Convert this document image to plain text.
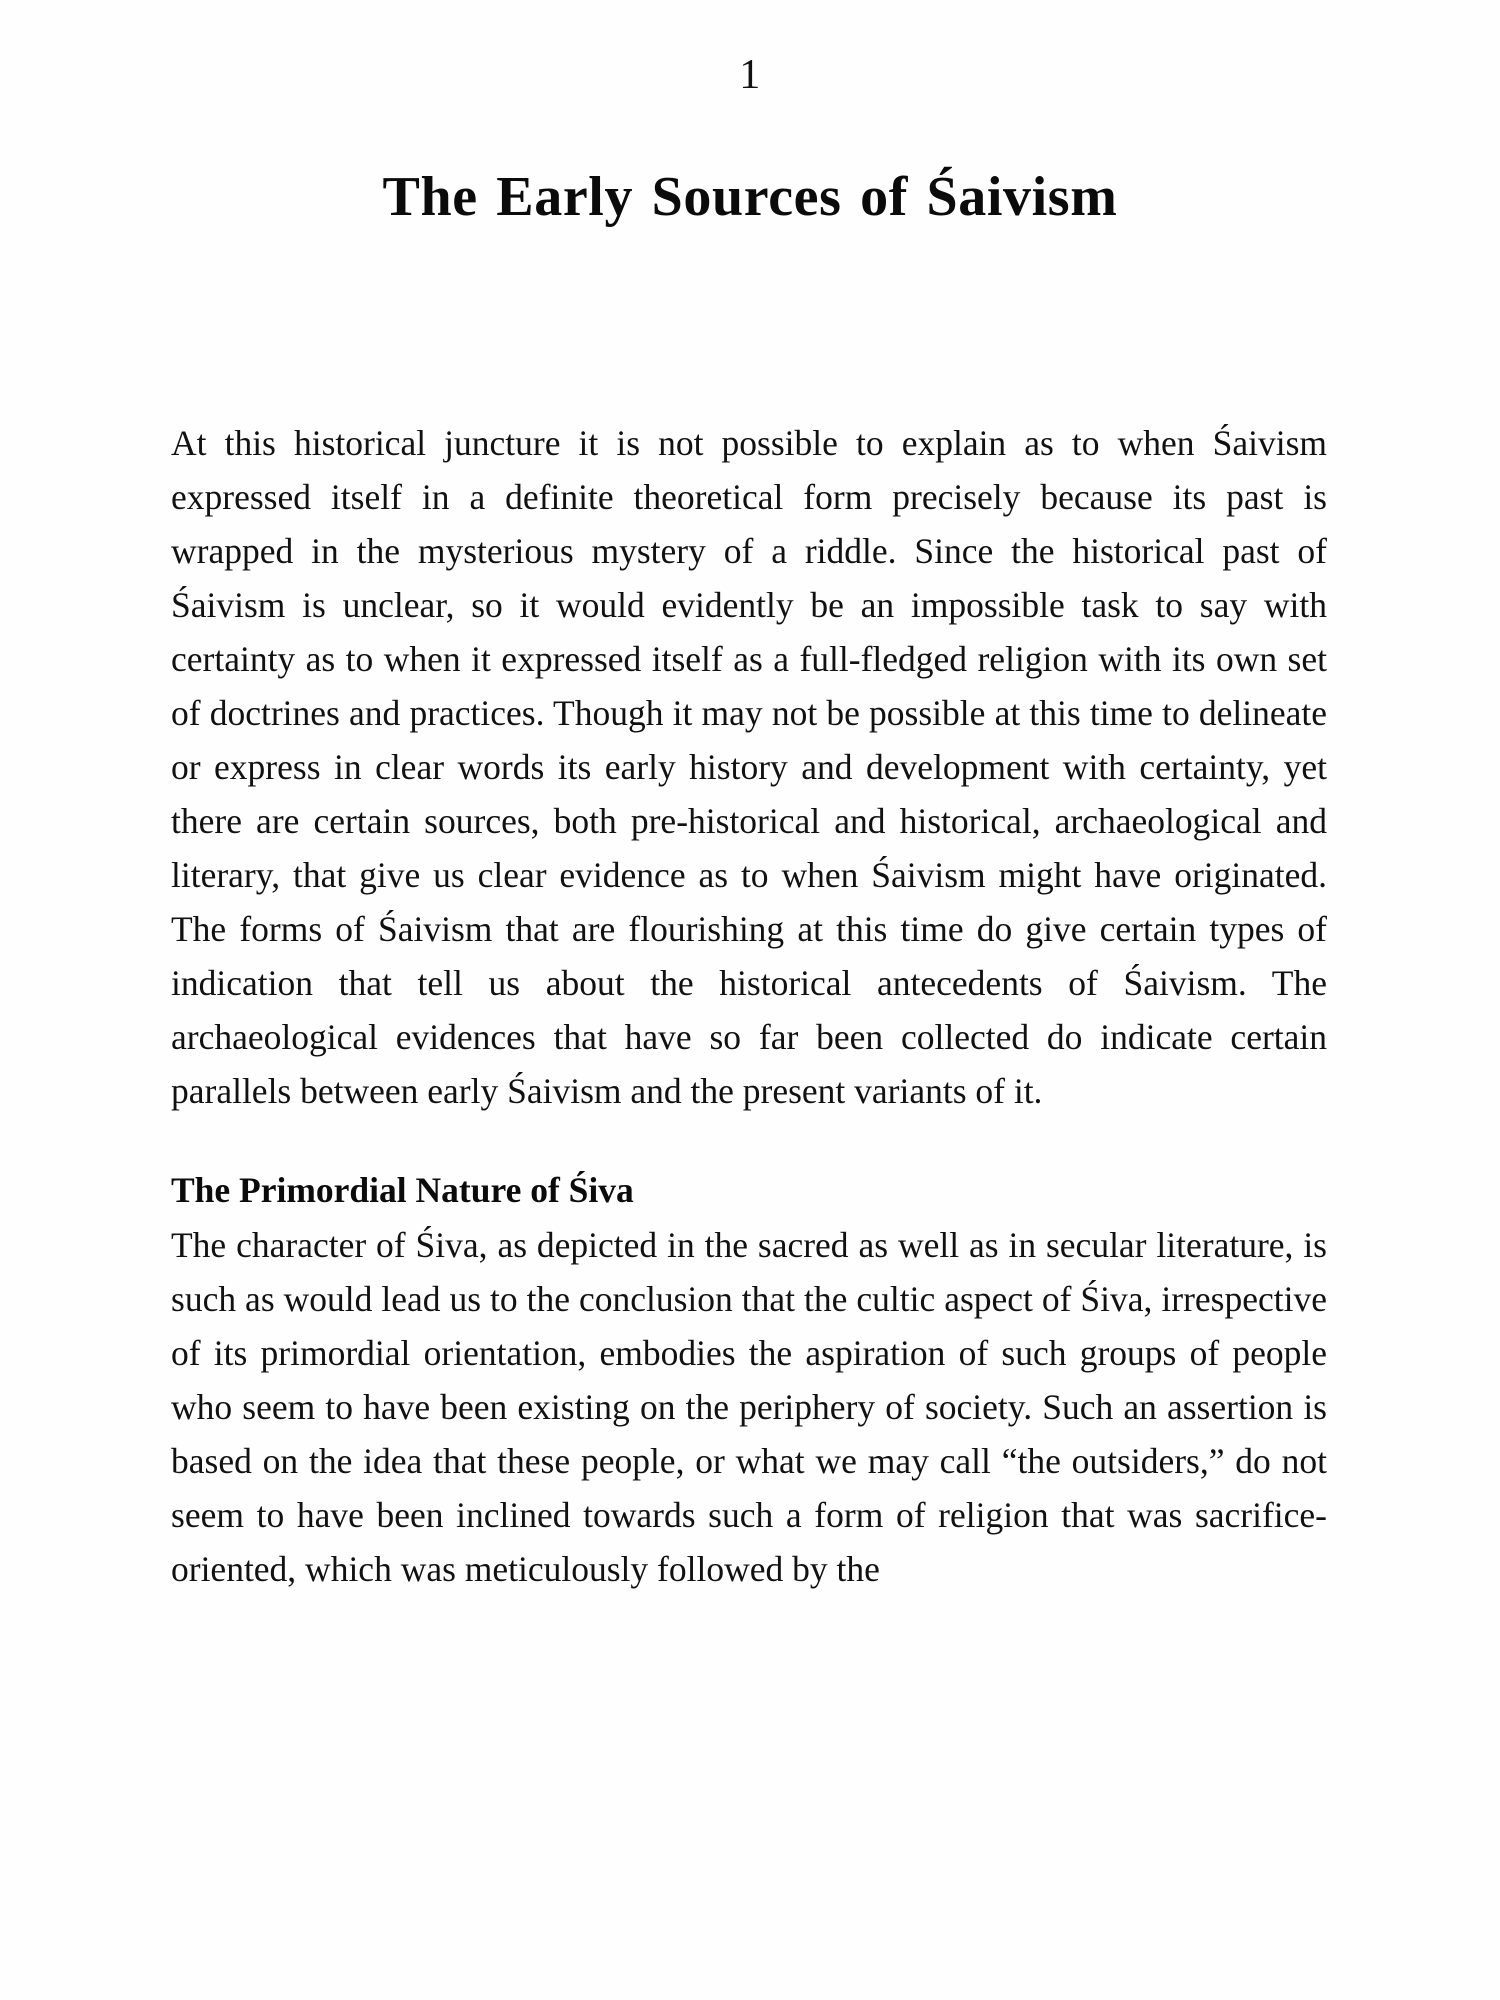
1
The Early Sources of Śaivism

At this historical juncture it is not possible to explain as to when Śaivism expressed itself in a definite theoretical form precisely because its past is wrapped in the mysterious mystery of a riddle. Since the historical past of Śaivism is unclear, so it would evidently be an impossible task to say with certainty as to when it expressed itself as a full-fledged religion with its own set of doctrines and practices. Though it may not be possible at this time to delineate or express in clear words its early history and development with certainty, yet there are certain sources, both pre-historical and historical, archaeological and literary, that give us clear evidence as to when Śaivism might have originated. The forms of Śaivism that are flourishing at this time do give certain types of indication that tell us about the historical antecedents of Śaivism. The archaeological evidences that have so far been collected do indicate certain parallels between early Śaivism and the present variants of it.

The Primordial Nature of Śiva

The character of Śiva, as depicted in the sacred as well as in secular literature, is such as would lead us to the conclusion that the cultic aspect of Śiva, irrespective of its primordial orientation, embodies the aspiration of such groups of people who seem to have been existing on the periphery of society. Such an assertion is based on the idea that these people, or what we may call “the outsiders,” do not seem to have been inclined towards such a form of religion that was sacrifice-oriented, which was meticulously followed by the
